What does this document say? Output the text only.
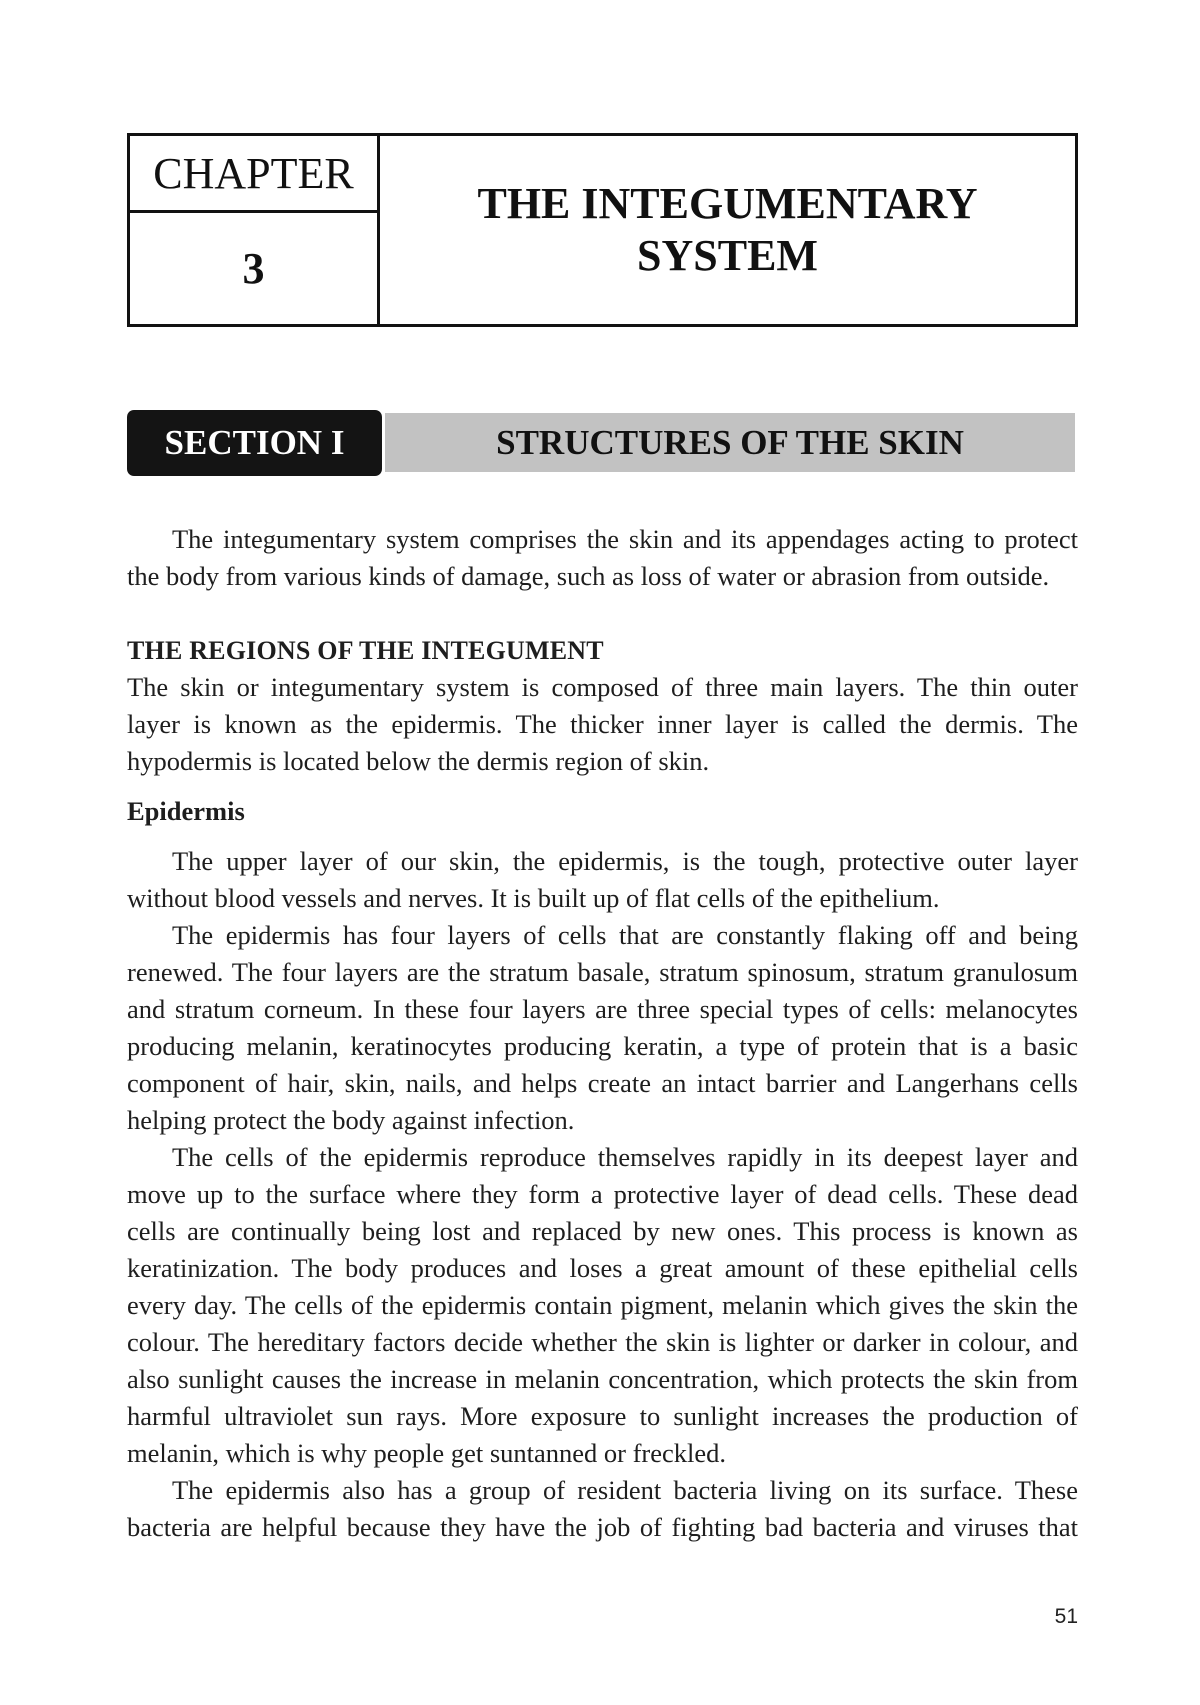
CHAPTER
3
THE INTEGUMENTARY SYSTEM
SECTION I	STRUCTURES OF THE SKIN
The integumentary system comprises the skin and its appendages acting to protect
the body from various kinds of damage, such as loss of water or abrasion from outside.
THE REGIONS OF THE INTEGUMENT
The skin or integumentary system is composed of three main layers. The thin outer
layer is known as the epidermis. The thicker inner layer is called the dermis. The
hypodermis is located below the dermis region of skin.
Epidermis
The upper layer of our skin, the epidermis, is the tough, protective outer layer
without blood vessels and nerves. It is built up of flat cells of the epithelium.
The epidermis has four layers of cells that are constantly flaking off and being
renewed. The four layers are the stratum basale, stratum spinosum, stratum granulosum
and stratum corneum. In these four layers are three special types of cells: melanocytes
producing melanin, keratinocytes producing keratin, a type of protein that is a basic
component of hair, skin, nails, and helps create an intact barrier and Langerhans cells
helping protect the body against infection.
The cells of the epidermis reproduce themselves rapidly in its deepest layer and
move up to the surface where they form a protective layer of dead cells. These dead
cells are continually being lost and replaced by new ones. This process is known as
keratinization. The body produces and loses a great amount of these epithelial cells
every day. The cells of the epidermis contain pigment, melanin which gives the skin the
colour. The hereditary factors decide whether the skin is lighter or darker in colour, and
also sunlight causes the increase in melanin concentration, which protects the skin from
harmful ultraviolet sun rays. More exposure to sunlight increases the production of
melanin, which is why people get suntanned or freckled.
The epidermis also has a group of resident bacteria living on its surface. These
bacteria are helpful because they have the job of fighting bad bacteria and viruses that
51
